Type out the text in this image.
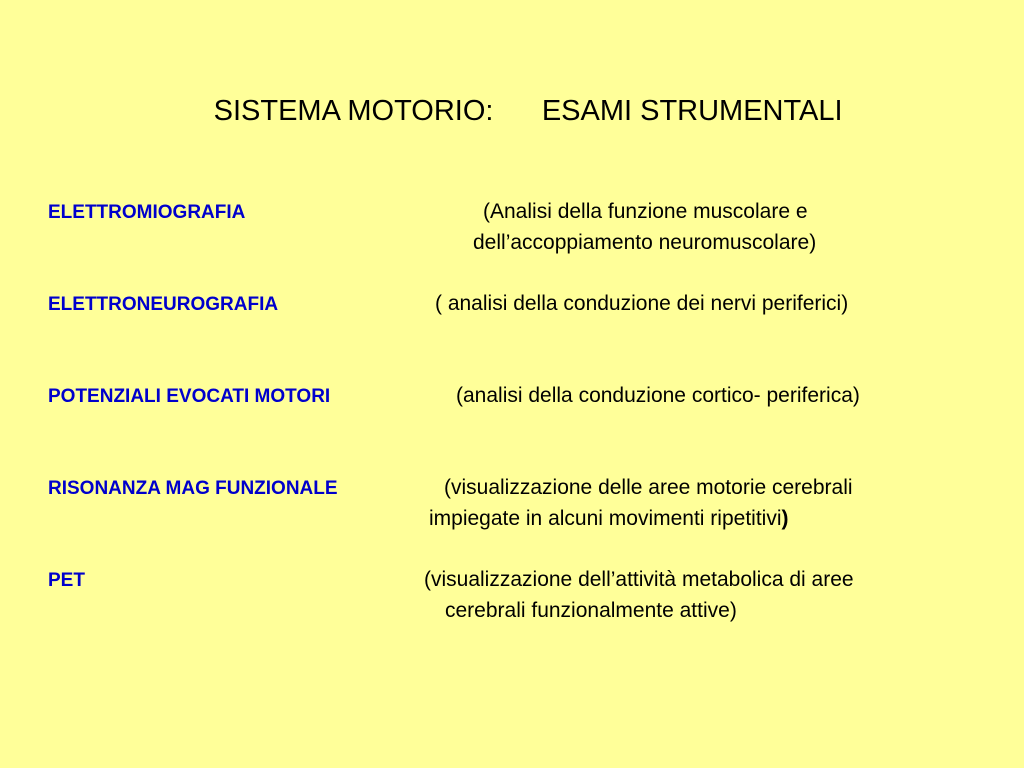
SISTEMA MOTORIO: ESAMI STRUMENTALI

ELETTROMIOGRAFIA	(Analisi della funzione muscolare e
dell’accoppiamento neuromuscolare)
ELETTRONEUROGRAFIA	( analisi della conduzione dei nervi periferici)
POTENZIALI EVOCATI MOTORI	(analisi della conduzione cortico- periferica)
RISONANZA MAG FUNZIONALE	(visualizzazione delle aree motorie cerebrali
impiegate in alcuni movimenti ripetitivi)
PET	(visualizzazione dell’attività metabolica di aree
cerebrali funzionalmente attive)
